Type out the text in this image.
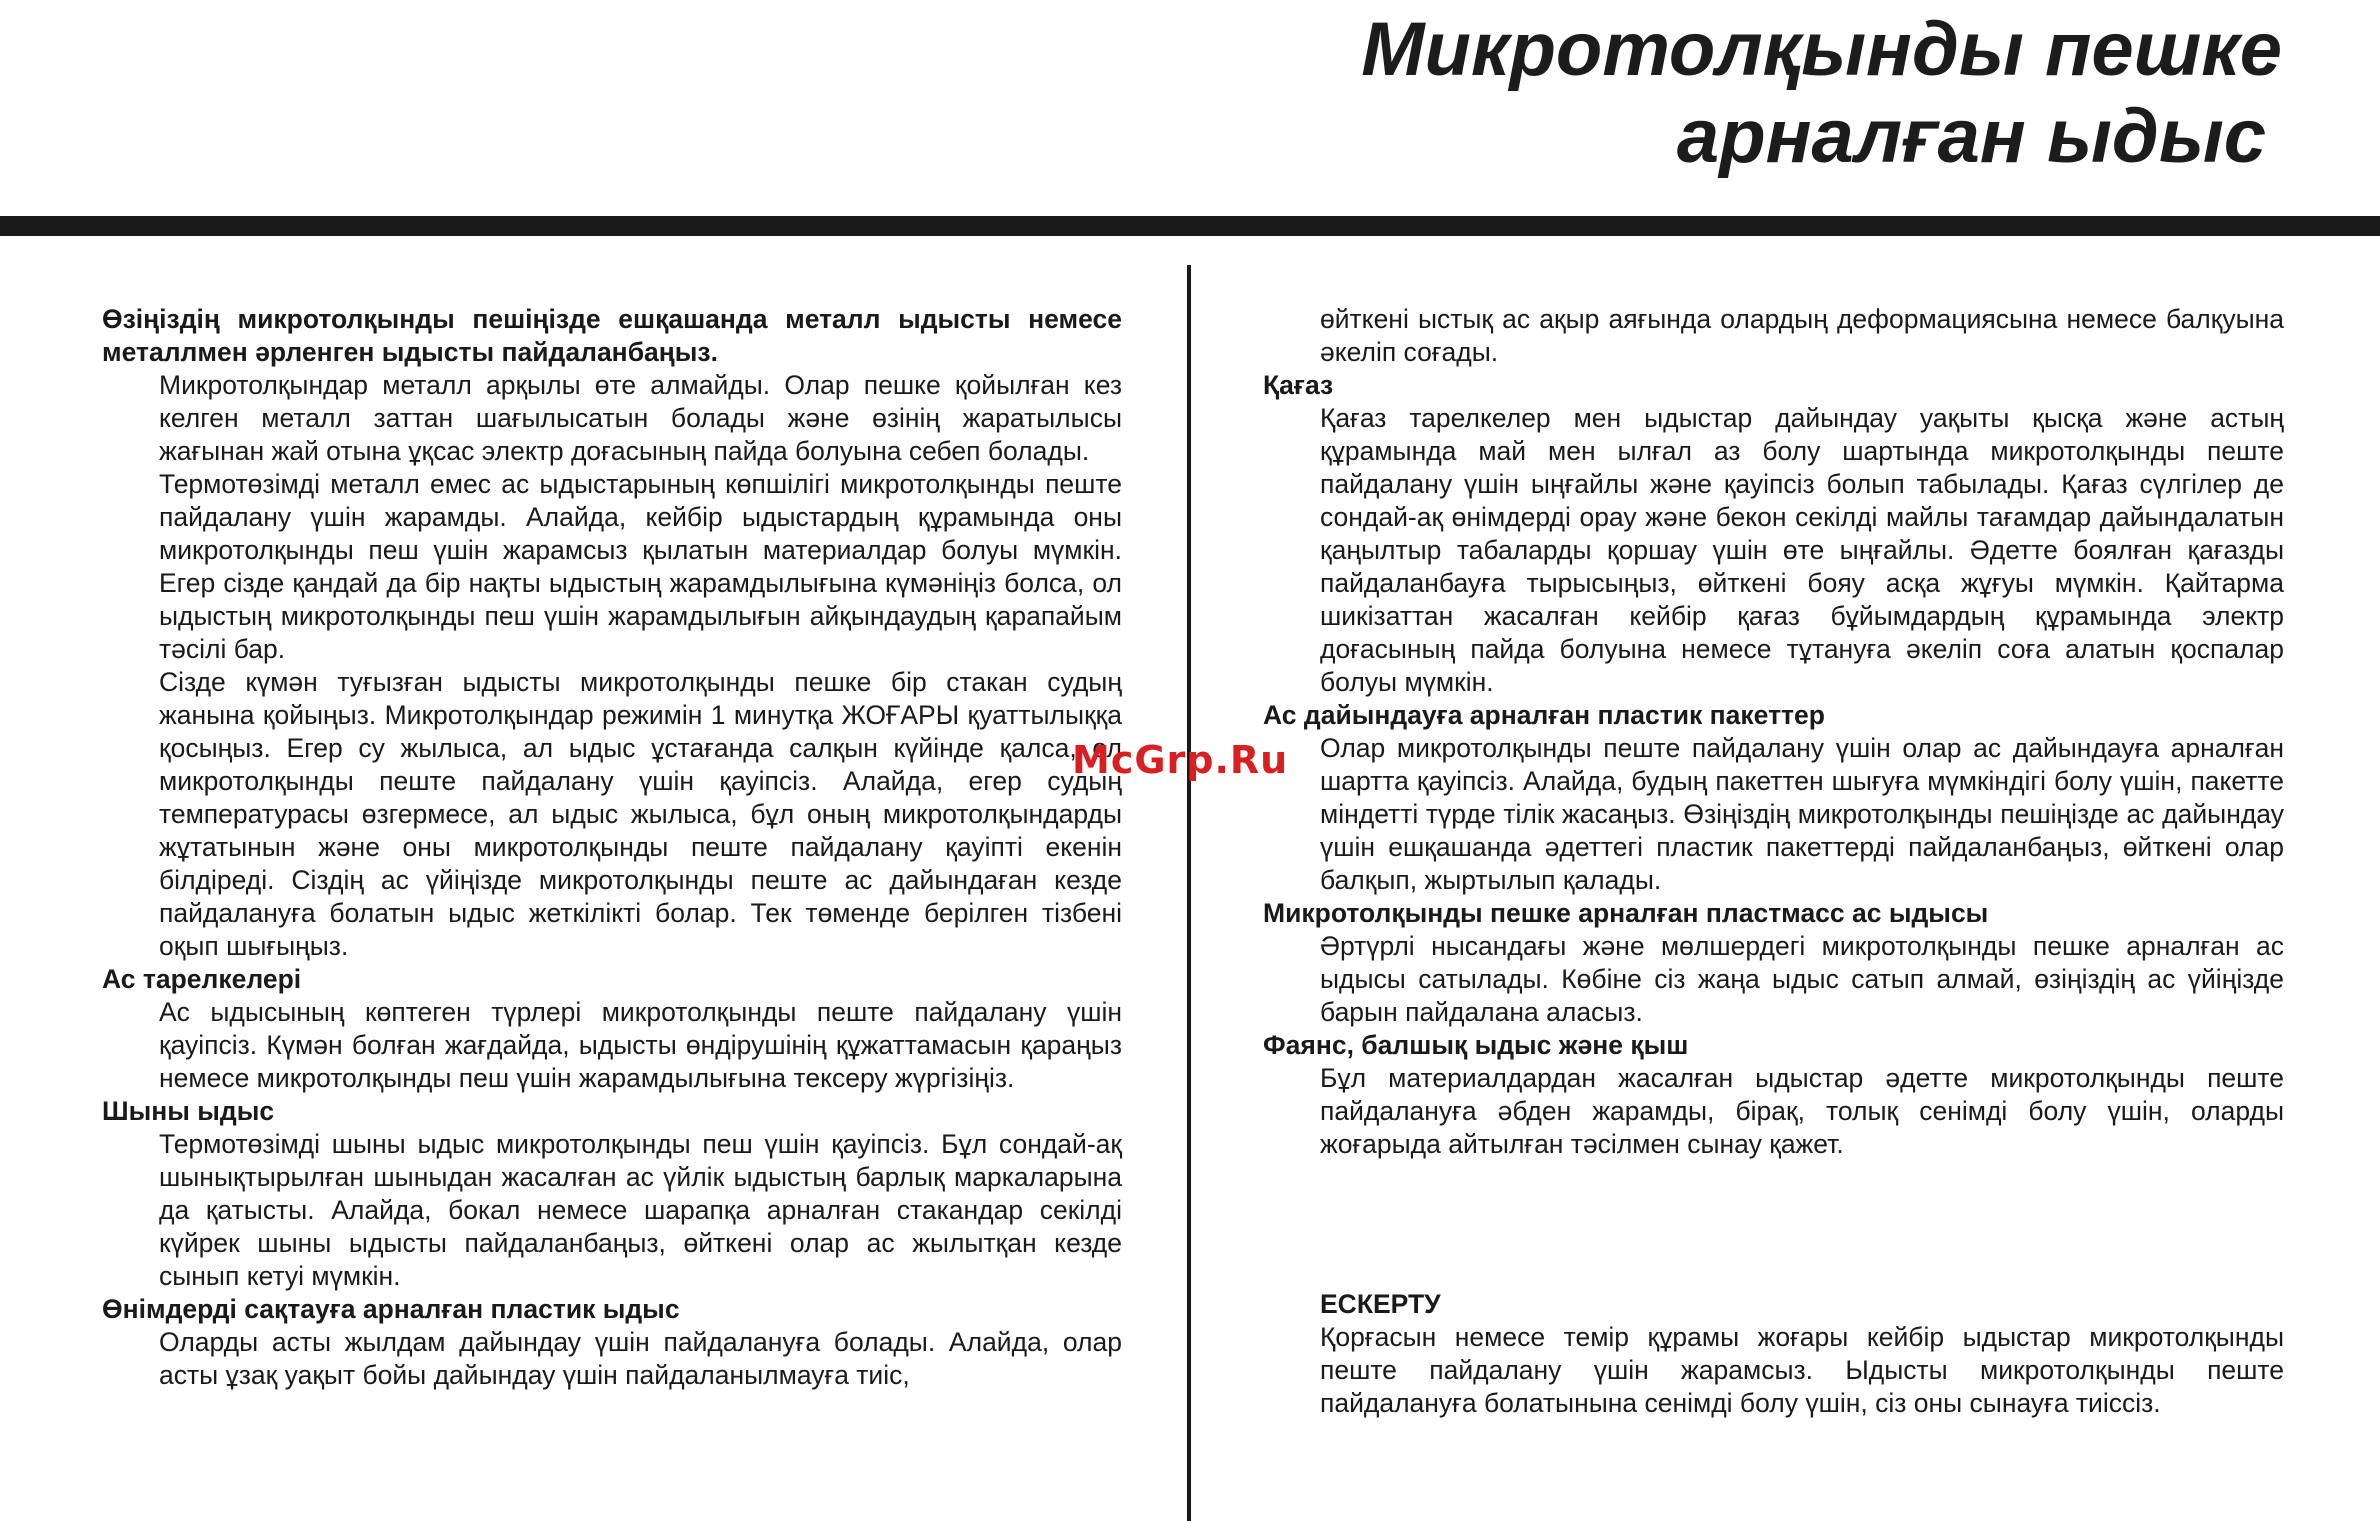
Микротолқынды пешке
арналған ыдыс

Өзіңіздің микротолқынды пешіңізде ешқашанда металл ыдысты немесе металлмен әрленген ыдысты пайдаланбаңыз.

Микротолқындар металл арқылы өте алмайды. Олар пешке қойылған кез келген металл заттан шағылысатын болады және өзінің жаратылысы жағынан жай отына ұқсас электр доғасының пайда болуына себеп болады.

Термотөзімді металл емес ас ыдыстарының көпшілігі микротолқынды пеште пайдалану үшін жарамды. Алайда, кейбір ыдыстардың құрамында оны микротолқынды пеш үшін жарамсыз қылатын материалдар болуы мүмкін. Егер сізде қандай да бір нақты ыдыстың жарамдылығына күмәніңіз болса, ол ыдыстың микротолқынды пеш үшін жарамдылығын айқындаудың қарапайым тәсілі бар.

Сізде күмән туғызған ыдысты микротолқынды пешке бір стакан судың жанына қойыңыз. Микротолқындар режимін 1 минутқа ЖОҒАРЫ қуаттылыққа қосыңыз. Егер су жылыса, ал ыдыс ұстағанда салқын күйінде қалса, ол микротолқынды пеште пайдалану үшін қауіпсіз. Алайда, егер судың температурасы өзгермесе, ал ыдыс жылыса, бұл оның микротолқындарды жұтатынын және оны микротолқынды пеште пайдалану қауіпті екенін білдіреді. Сіздің ас үйіңізде микротолқынды пеште ас дайындаған кезде пайдалануға болатын ыдыс жеткілікті болар. Тек төменде берілген тізбені оқып шығыңыз.

Ас тарелкелері

Ас ыдысының көптеген түрлері микротолқынды пеште пайдалану үшін қауіпсіз. Күмән болған жағдайда, ыдысты өндірушінің құжаттамасын қараңыз немесе микротолқынды пеш үшін жарамдылығына тексеру жүргізіңіз.

Шыны ыдыс

Термотөзімді шыны ыдыс микротолқынды пеш үшін қауіпсіз. Бұл сондай-ақ шынықтырылған шыныдан жасалған ас үйлік ыдыстың барлық маркаларына да қатысты. Алайда, бокал немесе шарапқа арналған стакандар секілді күйрек шыны ыдысты пайдаланбаңыз, өйткені олар ас жылытқан кезде сынып кетуі мүмкін.

Өнімдерді сақтауға арналған пластик ыдыс

Оларды асты жылдам дайындау үшін пайдалануға болады. Алайда, олар асты ұзақ уақыт бойы дайындау үшін пайдаланылмауға тиіс,

өйткені ыстық ас ақыр аяғында олардың деформациясына немесе балқуына әкеліп соғады.

Қағаз

Қағаз тарелкелер мен ыдыстар дайындау уақыты қысқа және астың құрамында май мен ылғал аз болу шартында микротолқынды пеште пайдалану үшін ыңғайлы және қауіпсіз болып табылады. Қағаз сүлгілер де сондай-ақ өнімдерді орау және бекон секілді майлы тағамдар дайындалатын қаңылтыр табаларды қоршау үшін өте ыңғайлы. Әдетте боялған қағазды пайдаланбауға тырысыңыз, өйткені бояу асқа жұғуы мүмкін. Қайтарма шикізаттан жасалған кейбір қағаз бұйымдардың құрамында электр доғасының пайда болуына немесе тұтануға әкеліп соға алатын қоспалар болуы мүмкін.

Ас дайындауға арналған пластик пакеттер

Олар микротолқынды пеште пайдалану үшін олар ас дайындауға арналған шартта қауіпсіз. Алайда, будың пакеттен шығуға мүмкіндігі болу үшін, пакетте міндетті түрде тілік жасаңыз. Өзіңіздің микротолқынды пешіңізде ас дайындау үшін ешқашанда әдеттегі пластик пакеттерді пайдаланбаңыз, өйткені олар балқып, жыртылып қалады.

Микротолқынды пешке арналған пластмасс ас ыдысы

Әртүрлі нысандағы және мөлшердегі микротолқынды пешке арналған ас ыдысы сатылады. Көбіне сіз жаңа ыдыс сатып алмай, өзіңіздің ас үйіңізде барын пайдалана аласыз.

Фаянс, балшық ыдыс және қыш

Бұл материалдардан жасалған ыдыстар әдетте микротолқынды пеште пайдалануға әбден жарамды, бірақ, толық сенімді болу үшін, оларды жоғарыда айтылған тәсілмен сынау қажет.

ЕСКЕРТУ

Қорғасын немесе темір құрамы жоғары кейбір ыдыстар микротолқынды пеште пайдалану үшін жарамсыз. Ыдысты микротолқынды пеште пайдалануға болатынына сенімді болу үшін, сіз оны сынауға тиіссіз.

McGrp.Ru
